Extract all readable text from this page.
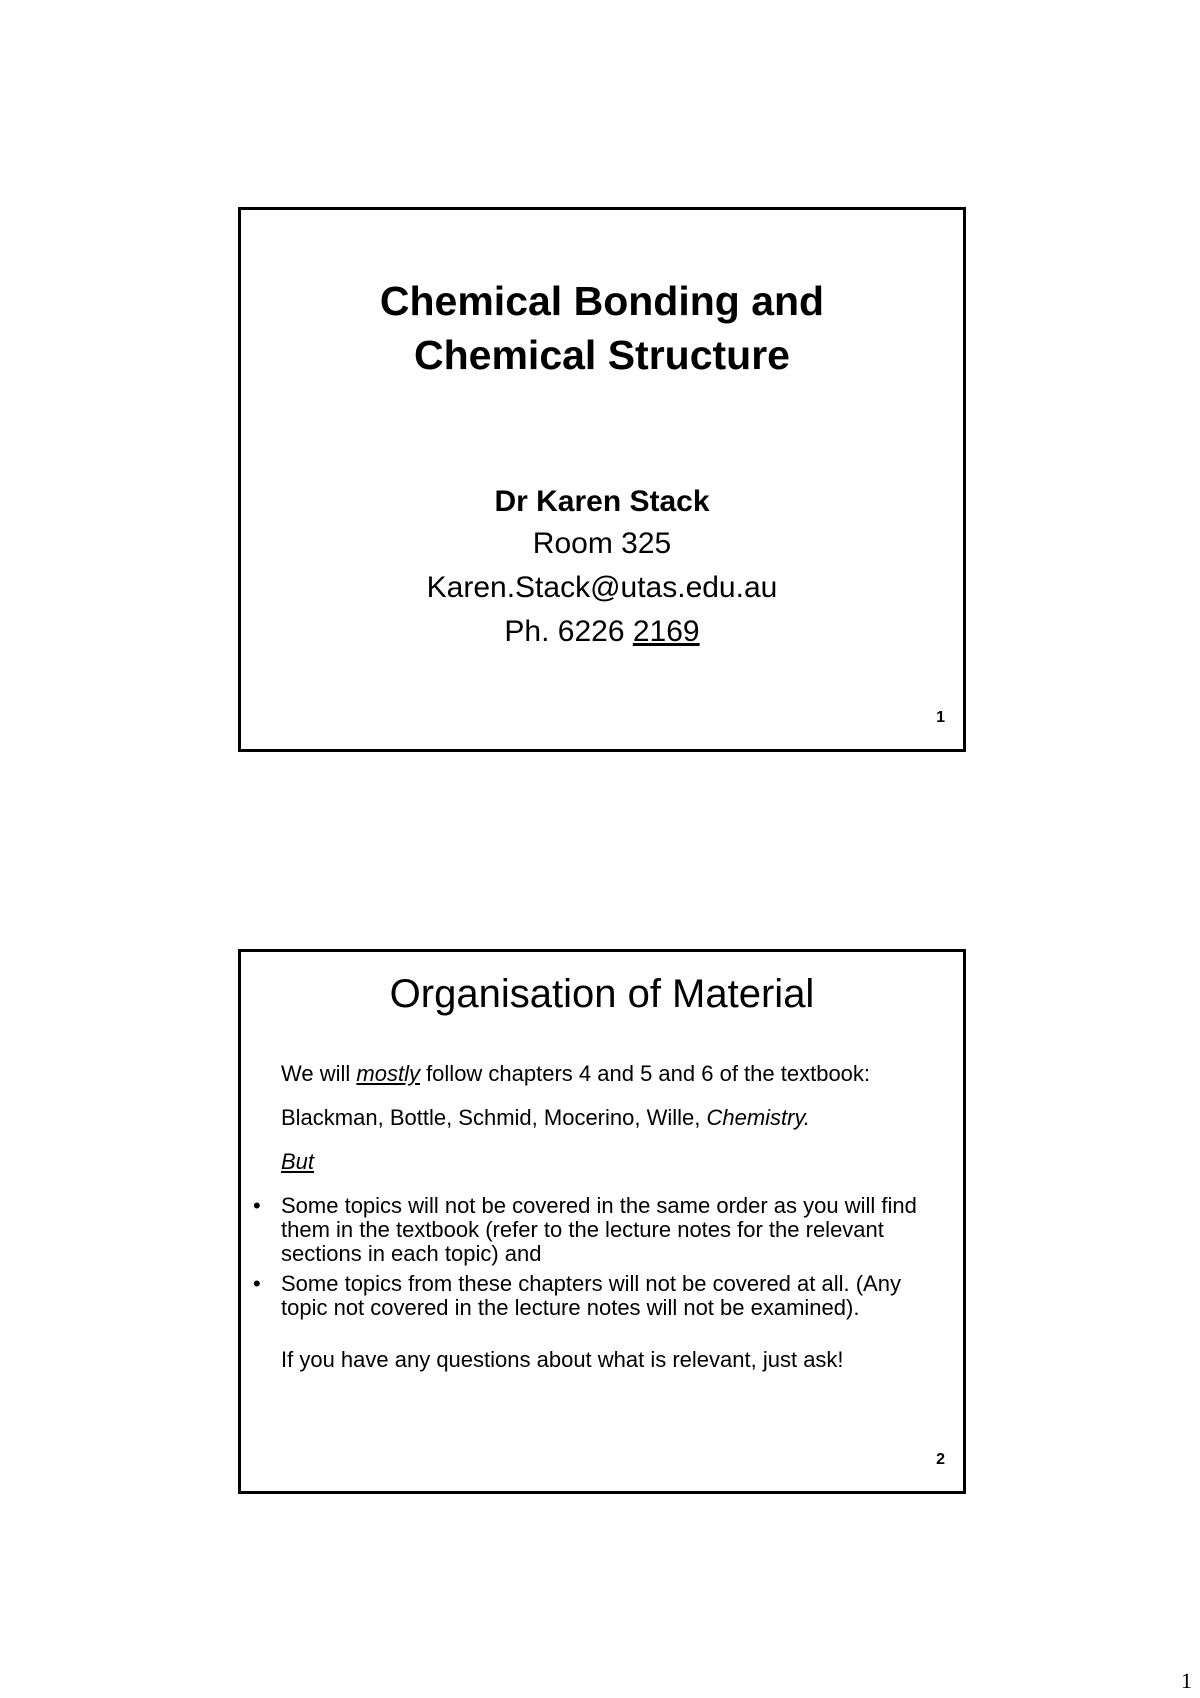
Chemical Bonding and
Chemical Structure
Dr Karen Stack
Room 325
Karen.Stack@utas.edu.au
Ph. 6226 2169
1
Organisation of Material
We will mostly follow chapters 4 and 5 and 6 of the textbook:
Blackman, Bottle, Schmid, Mocerino, Wille, Chemistry.
But
• Some topics will not be covered in the same order as you will find them in the textbook (refer to the lecture notes for the relevant sections in each topic) and
• Some topics from these chapters will not be covered at all. (Any topic not covered in the lecture notes will not be examined).
If you have any questions about what is relevant, just ask!
2
1
